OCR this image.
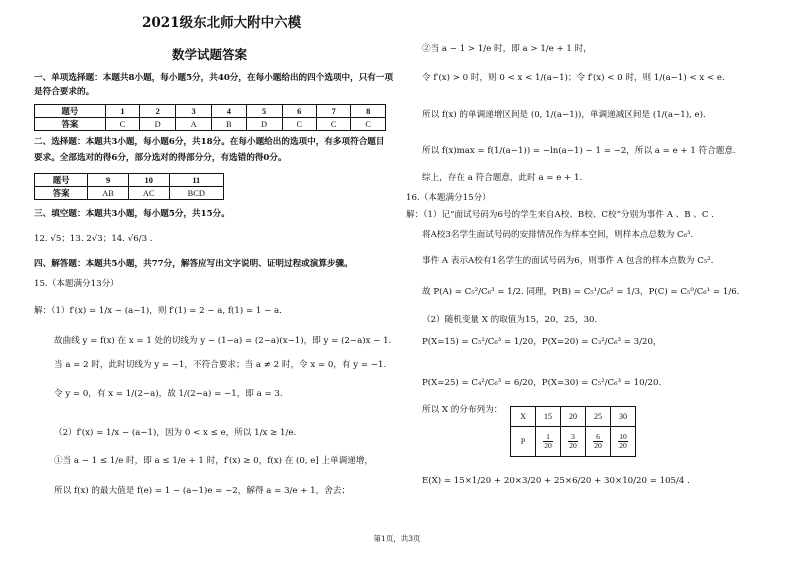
2021级东北师大附中六模
数学试题答案
一、单项选择题：本题共8小题，每小题5分，共40分，在每小题给出的四个选项中，只有一项
是符合要求的。
题号	1	2	3	4	5	6	7	8
答案	C	D	A	B	D	C	C	C
二、选择题：本题共3小题，每小题6分，共18分。在每小题给出的选项中，有多项符合题目
要求。全部选对的得6分，部分选对的得部分分，有选错的得0分。
题号	9	10	11
答案	AB	AC	BCD
三、填空题：本题共3小题，每小题5分，共15分。
12. √5；13. 2√3；14. √6/3 .
四、解答题：本题共5小题，共77分，解答应写出文字说明、证明过程或演算步骤。
15.（本题满分13分）
解：（1）f′(x) = 1/x − (a−1)，则 f′(1) = 2 − a, f(1) = 1 − a.
故曲线 y = f(x) 在 x = 1 处的切线为 y − (1−a) = (2−a)(x−1)，即 y = (2−a)x − 1.
当 a = 2 时，此时切线为 y = −1，不符合要求；当 a ≠ 2 时，令 x = 0，有 y = −1.
令 y = 0，有 x = 1/(2−a)，故 1/(2−a) = −1，即 a = 3.
（2）f′(x) = 1/x − (a−1)，因为 0 < x ≤ e，所以 1/x ≥ 1/e.
①当 a − 1 ≤ 1/e 时，即 a ≤ 1/e + 1 时，f′(x) ≥ 0，f(x) 在 (0, e] 上单调递增，
所以 f(x) 的最大值是 f(e) = 1 − (a−1)e = −2，解得 a = 3/e + 1，舍去；
②当 a − 1 > 1/e 时，即 a > 1/e + 1 时，
令 f′(x) > 0 时，则 0 < x < 1/(a−1)；令 f′(x) < 0 时，则 1/(a−1) < x < e.
所以 f(x) 的单调递增区间是 (0, 1/(a−1))，单调递减区间是 (1/(a−1), e).
所以 f(x)max = f(1/(a−1)) = −ln(a−1) − 1 = −2，所以 a = e + 1 符合题意.
综上，存在 a 符合题意，此时 a = e + 1.
16.（本题满分15分）
解：（1）记“面试号码为6号的学生来自A校、B校、C校”分别为事件 A 、B 、C .
将A校3名学生面试号码的安排情况作为样本空间，则样本点总数为 C₆³.
事件 A 表示A校有1名学生的面试号码为6，则事件 A 包含的样本点数为 C₅².
故 P(A) = C₅²/C₆³ = 1/2. 同理，P(B) = C₅¹/C₆² = 1/3，P(C) = C₅⁰/C₆¹ = 1/6.
（2）随机变量 X 的取值为15，20，25，30.
P(X=15) = C₅²/C₆³ = 1/20，P(X=20) = C₃²/C₆³ = 3/20，
P(X=25) = C₄²/C₆³ = 6/20，P(X=30) = C₅²/C₆³ = 10/20.
所以 X 的分布列为：
X	15	20	25	30
P	$\frac{1}{20}$	$\frac{3}{20}$	$\frac{6}{20}$	$\frac{10}{20}$
E(X) = 15×1/20 + 20×3/20 + 25×6/20 + 30×10/20 = 105/4 .
第1页，共3页
